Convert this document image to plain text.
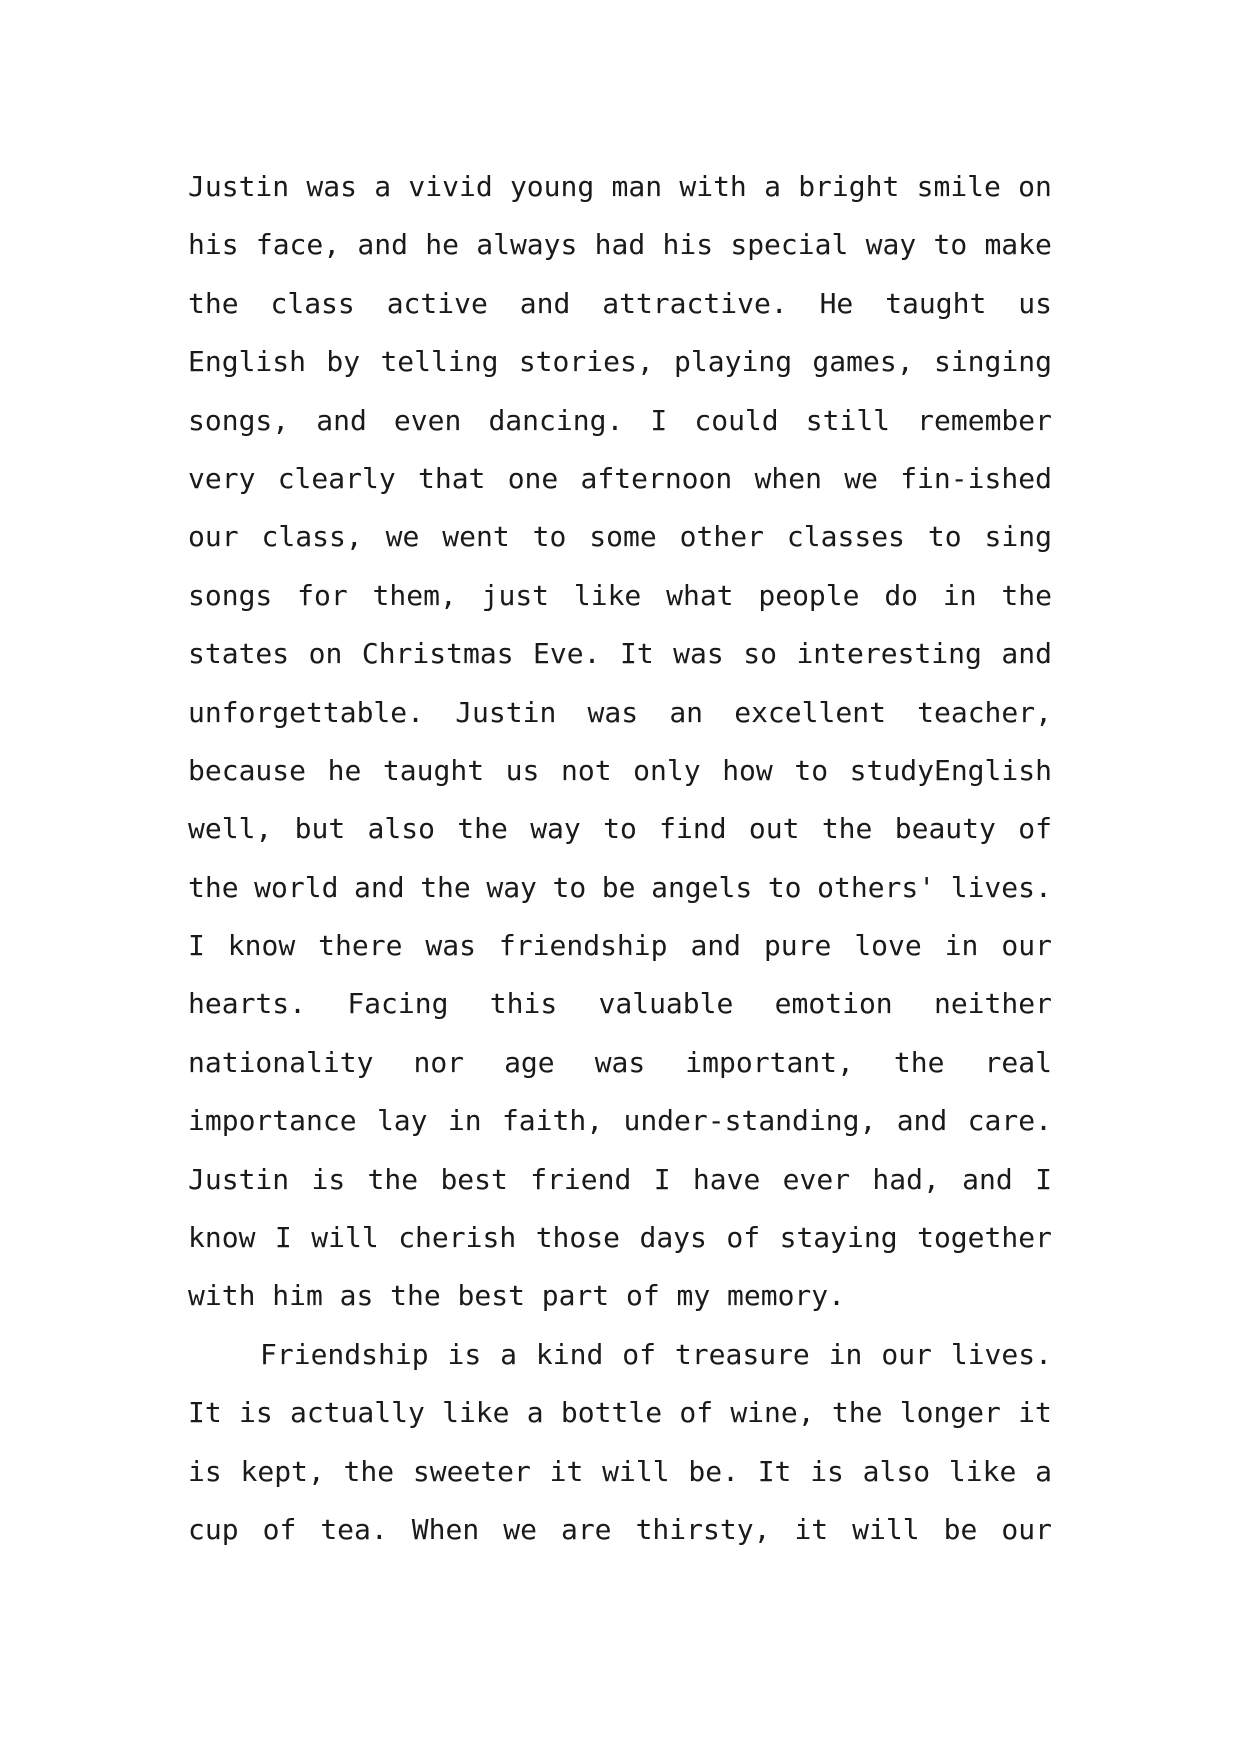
Justin was a vivid young man with a bright smile on
his face, and he always had his special way to make
the class active and attractive. He taught us
English by telling stories, playing games, singing
songs, and even dancing. I could still remember
very clearly that one afternoon when we fin-ished
our class, we went to some other classes to sing
songs for them, just like what people do in the
states on Christmas Eve. It was so interesting and
unforgettable. Justin was an excellent teacher,
because he taught us not only how to studyEnglish
well, but also the way to find out the beauty of
the world and the way to be angels to others' lives.
I know there was friendship and pure love in our
hearts. Facing this valuable emotion neither
nationality nor age was important, the real
importance lay in faith, under-standing, and care.
Justin is the best friend I have ever had, and I
know I will cherish those days of staying together
with him as the best part of my memory.
Friendship is a kind of treasure in our lives.
It is actually like a bottle of wine, the longer it
is kept, the sweeter it will be. It is also like a
cup of tea. When we are thirsty, it will be our
